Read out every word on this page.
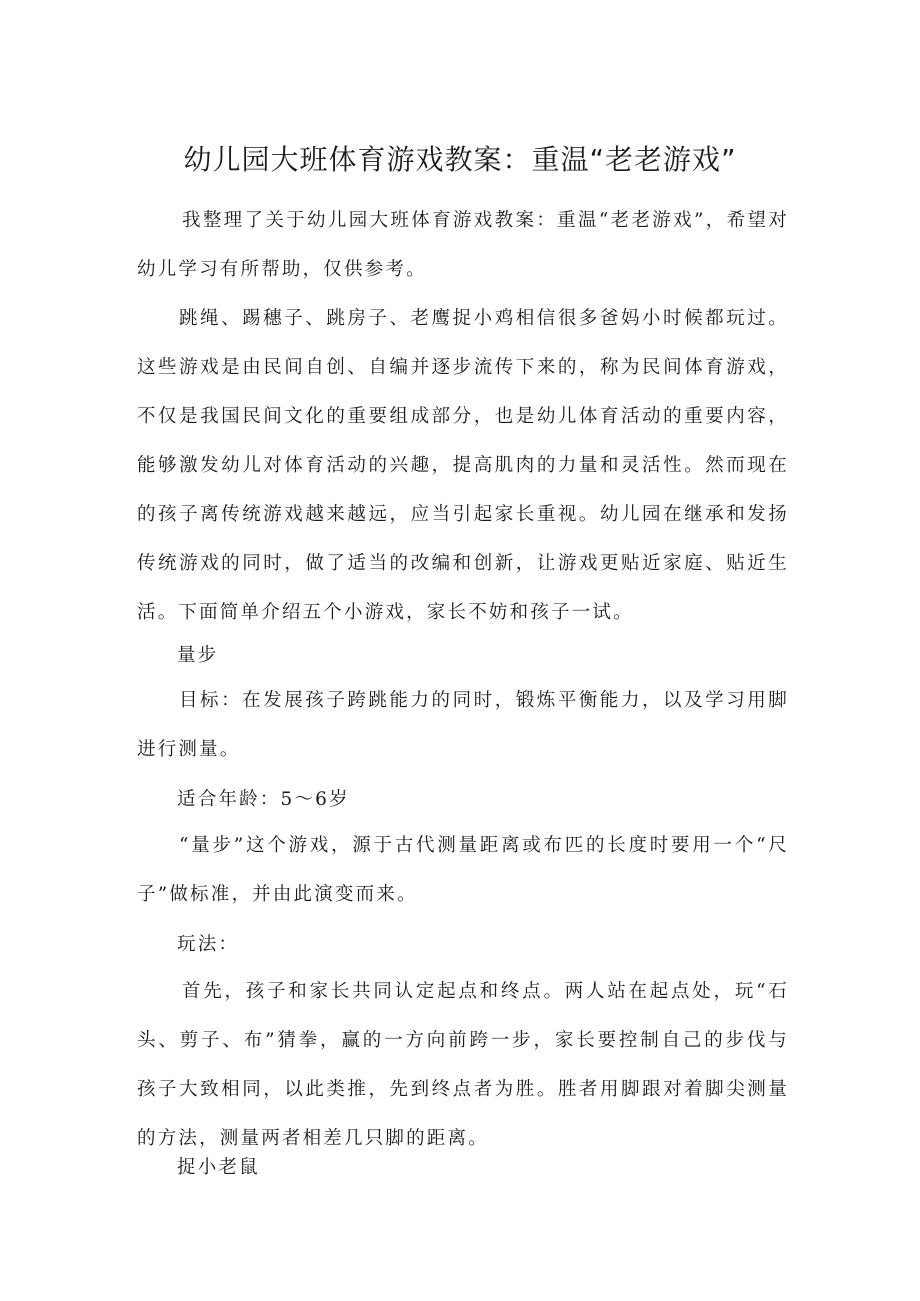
幼儿园大班体育游戏教案：重温“老老游戏”

我整理了关于幼儿园大班体育游戏教案：重温“老老游戏”，希望对幼儿学习有所帮助，仅供参考。

跳绳、踢穗子、跳房子、老鹰捉小鸡相信很多爸妈小时候都玩过。这些游戏是由民间自创、自编并逐步流传下来的，称为民间体育游戏，不仅是我国民间文化的重要组成部分，也是幼儿体育活动的重要内容，能够激发幼儿对体育活动的兴趣，提高肌肉的力量和灵活性。然而现在的孩子离传统游戏越来越远，应当引起家长重视。幼儿园在继承和发扬传统游戏的同时，做了适当的改编和创新，让游戏更贴近家庭、贴近生活。下面简单介绍五个小游戏，家长不妨和孩子一试。

量步

目标：在发展孩子跨跳能力的同时，锻炼平衡能力，以及学习用脚进行测量。

适合年龄：5～6岁

“量步”这个游戏，源于古代测量距离或布匹的长度时要用一个“尺子”做标准，并由此演变而来。

玩法：

首先，孩子和家长共同认定起点和终点。两人站在起点处，玩“石头、剪子、布”猜拳，赢的一方向前跨一步，家长要控制自己的步伐与孩子大致相同，以此类推，先到终点者为胜。胜者用脚跟对着脚尖测量的方法，测量两者相差几只脚的距离。

捉小老鼠
